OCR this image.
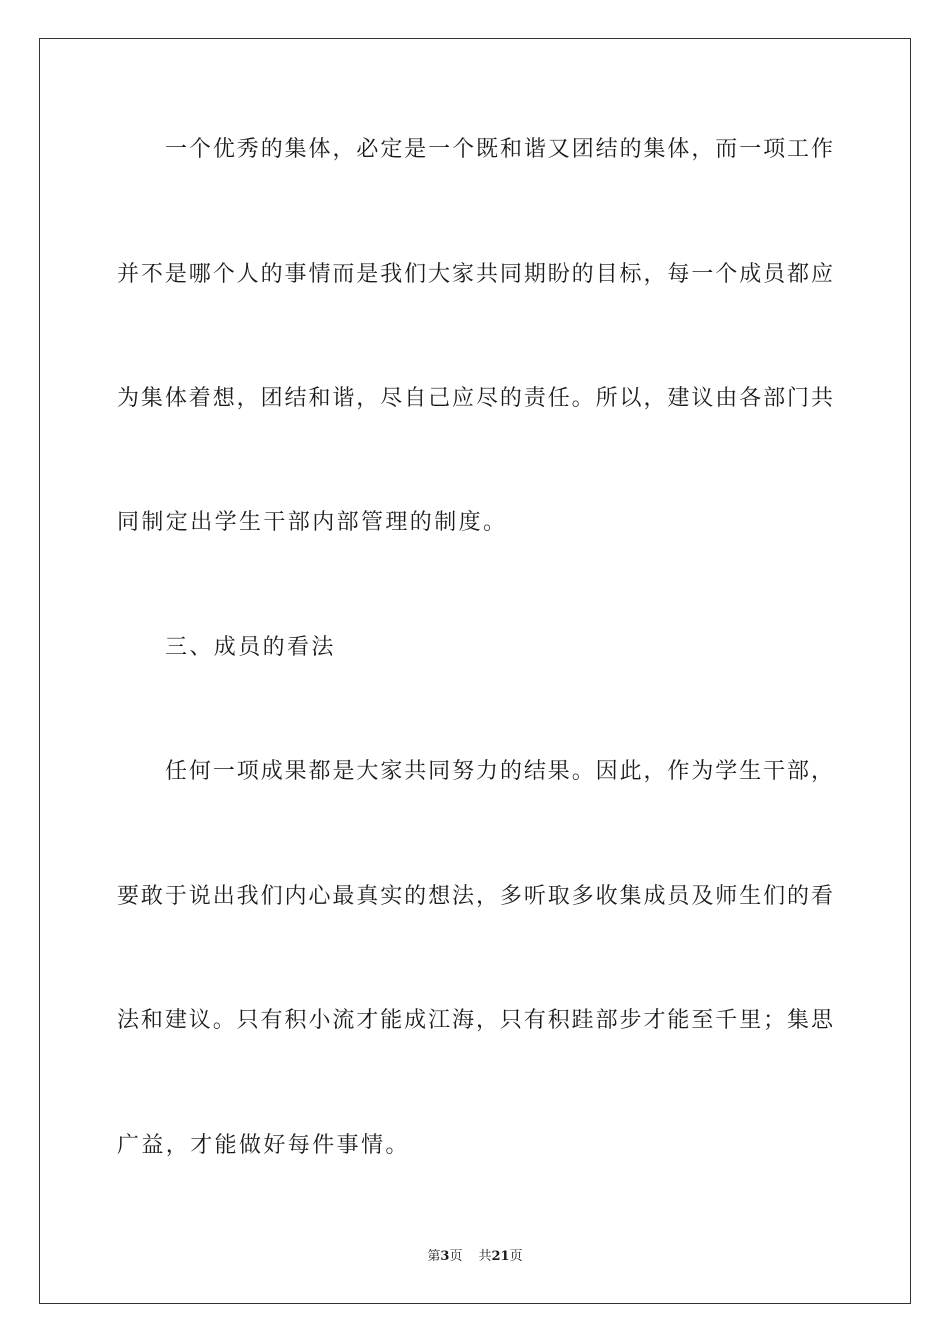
一个优秀的集体，必定是一个既和谐又团结的集体，而一项工作
并不是哪个人的事情而是我们大家共同期盼的目标，每一个成员都应
为集体着想，团结和谐，尽自己应尽的责任。所以，建议由各部门共
同制定出学生干部内部管理的制度。
三、成员的看法
任何一项成果都是大家共同努力的结果。因此，作为学生干部，
要敢于说出我们内心最真实的想法，多听取多收集成员及师生们的看
法和建议。只有积小流才能成江海，只有积跬部步才能至千里；集思
广益，才能做好每件事情。
第3页 共21页
